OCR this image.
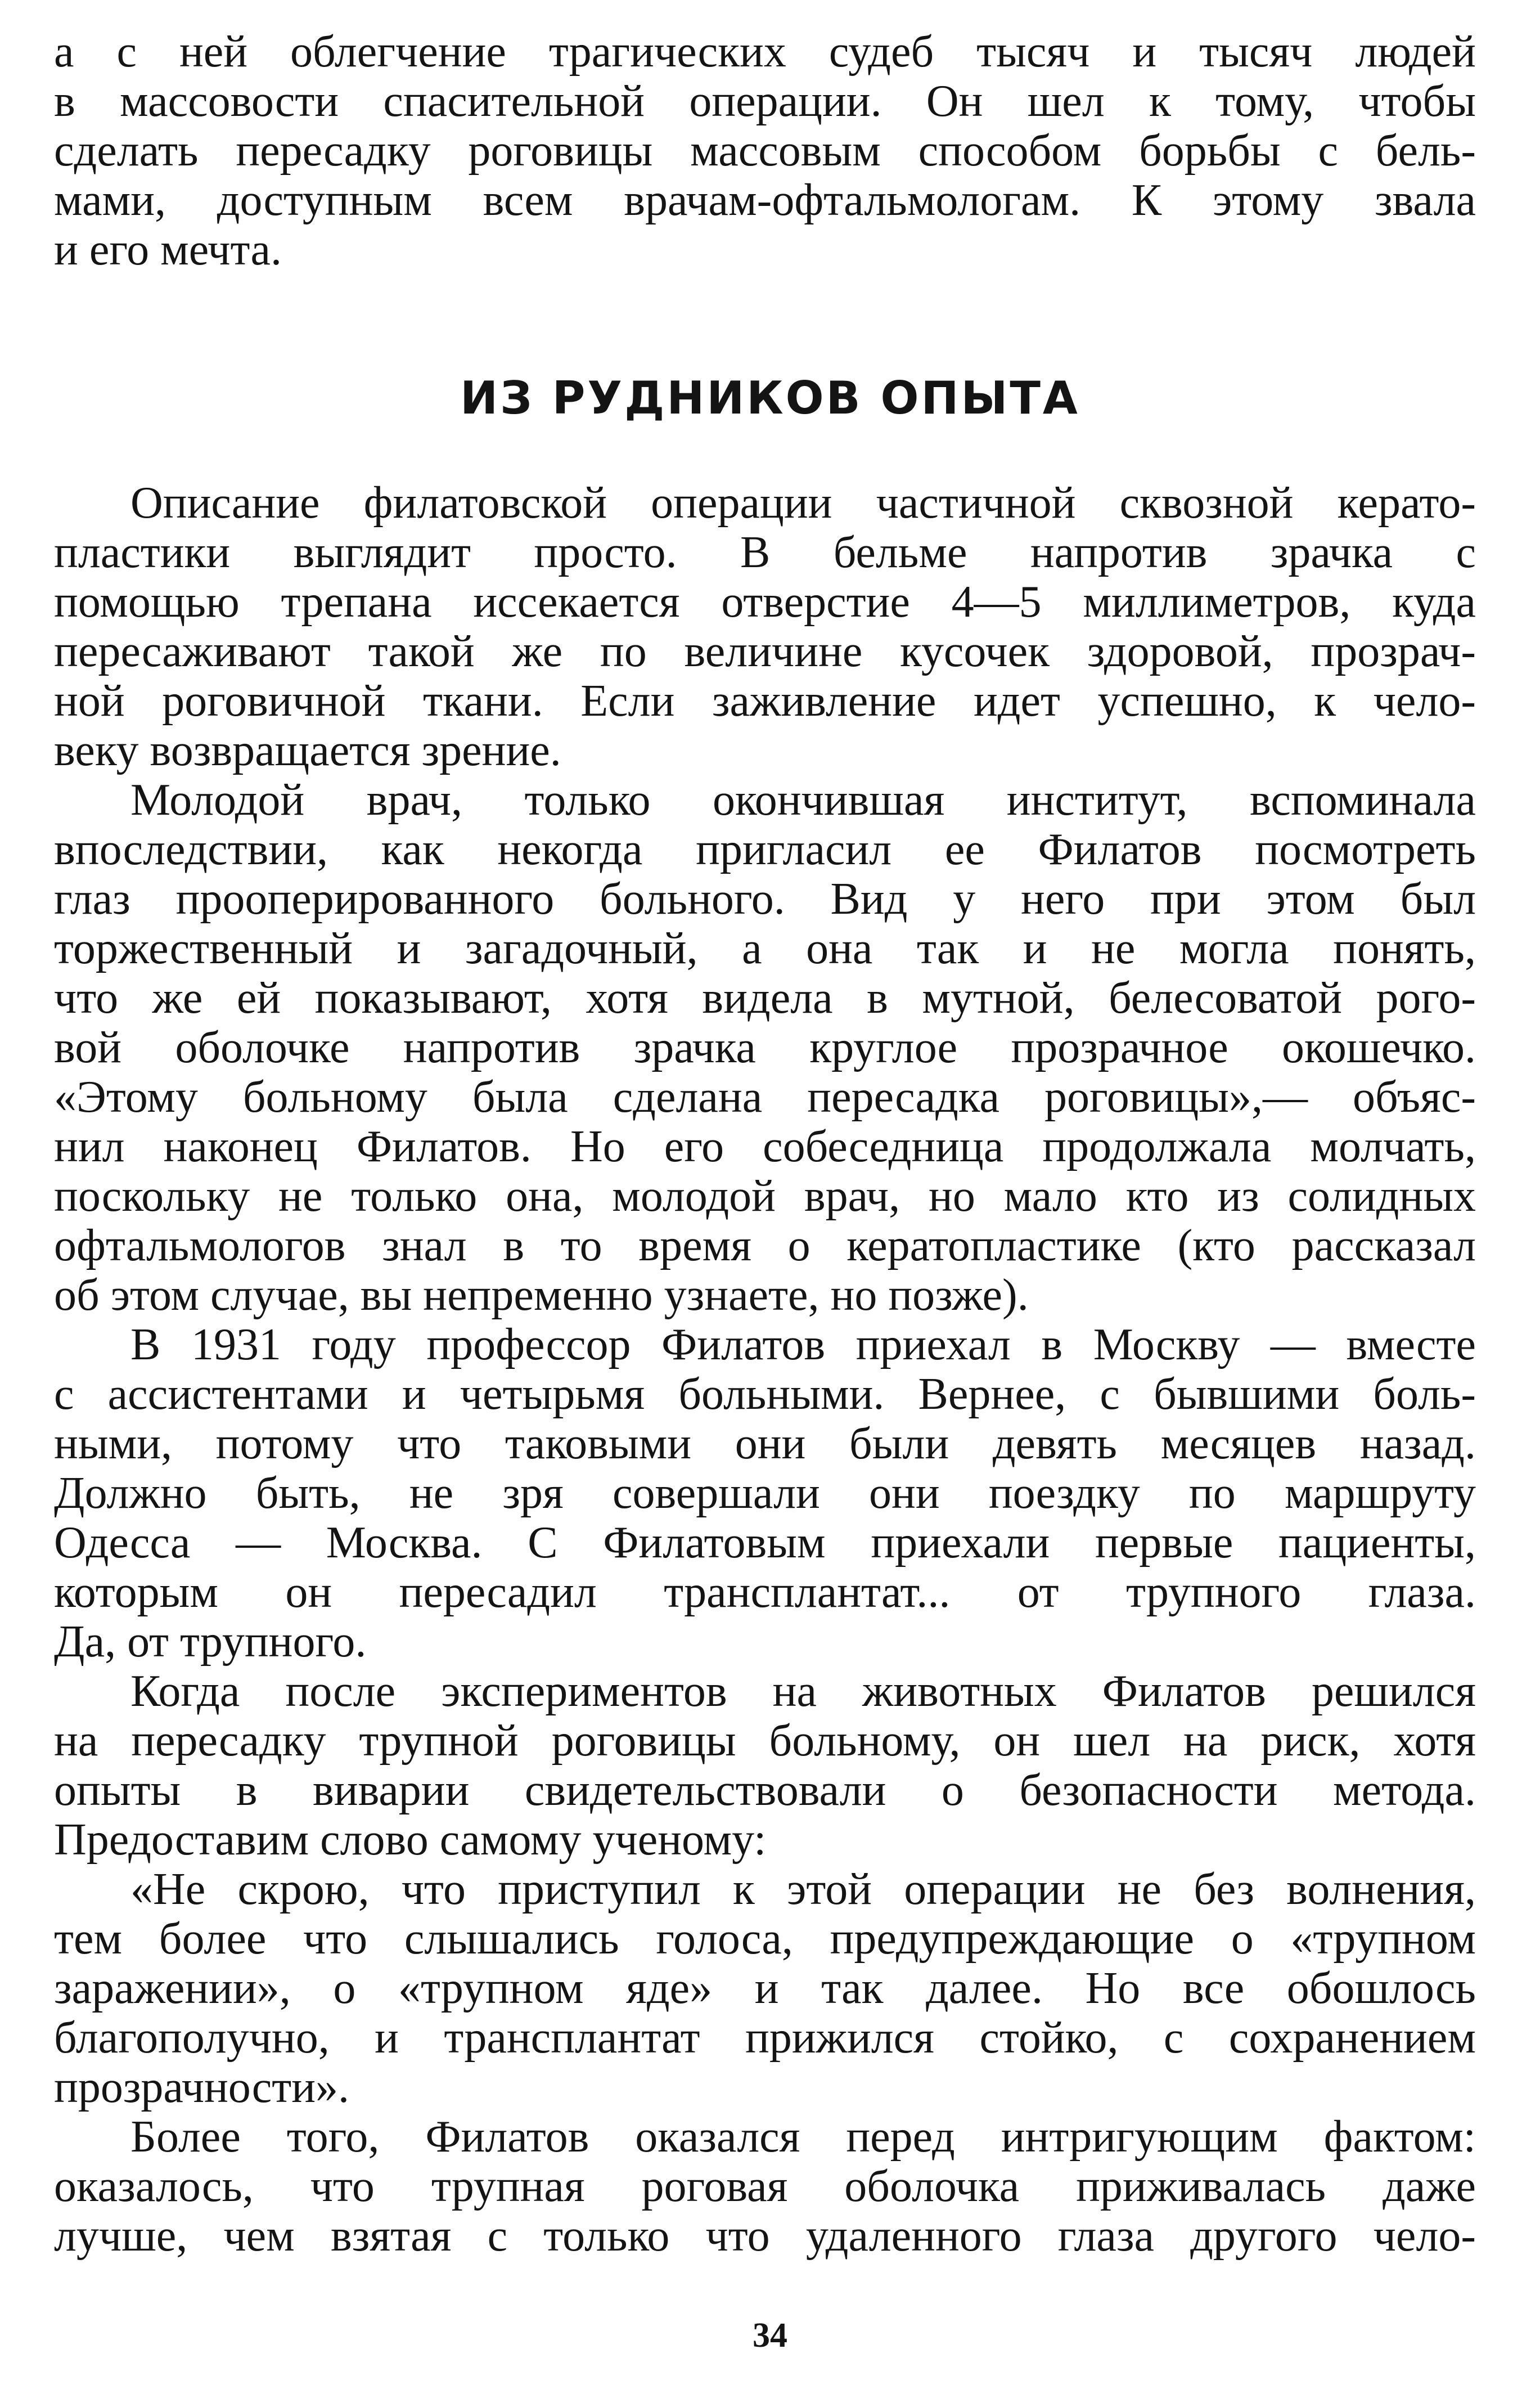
а с ней облегчение трагических судеб тысяч и тысяч людей
в массовости спасительной операции. Он шел к тому, чтобы
сделать пересадку роговицы массовым способом борьбы с бель-
мами, доступным всем врачам-офтальмологам. К этому звала
и его мечта.
ИЗ РУДНИКОВ ОПЫТА
Описание филатовской операции частичной сквозной керато-
пластики выглядит просто. В бельме напротив зрачка с
помощью трепана иссекается отверстие 4—5 миллиметров, куда
пересаживают такой же по величине кусочек здоровой, прозрач-
ной роговичной ткани. Если заживление идет успешно, к чело-
веку возвращается зрение.
Молодой врач, только окончившая институт, вспоминала
впоследствии, как некогда пригласил ее Филатов посмотреть
глаз прооперированного больного. Вид у него при этом был
торжественный и загадочный, а она так и не могла понять,
что же ей показывают, хотя видела в мутной, белесоватой рого-
вой оболочке напротив зрачка круглое прозрачное окошечко.
«Этому больному была сделана пересадка роговицы»,— объяс-
нил наконец Филатов. Но его собеседница продолжала молчать,
поскольку не только она, молодой врач, но мало кто из солидных
офтальмологов знал в то время о кератопластике (кто рассказал
об этом случае, вы непременно узнаете, но позже).
В 1931 году профессор Филатов приехал в Москву — вместе
с ассистентами и четырьмя больными. Вернее, с бывшими боль-
ными, потому что таковыми они были девять месяцев назад.
Должно быть, не зря совершали они поездку по маршруту
Одесса — Москва. С Филатовым приехали первые пациенты,
которым он пересадил трансплантат... от трупного глаза.
Да, от трупного.
Когда после экспериментов на животных Филатов решился
на пересадку трупной роговицы больному, он шел на риск, хотя
опыты в виварии свидетельствовали о безопасности метода.
Предоставим слово самому ученому:
«Не скрою, что приступил к этой операции не без волнения,
тем более что слышались голоса, предупреждающие о «трупном
заражении», о «трупном яде» и так далее. Но все обошлось
благополучно, и трансплантат прижился стойко, с сохранением
прозрачности».
Более того, Филатов оказался перед интригующим фактом:
оказалось, что трупная роговая оболочка приживалась даже
лучше, чем взятая с только что удаленного глаза другого чело-
34
